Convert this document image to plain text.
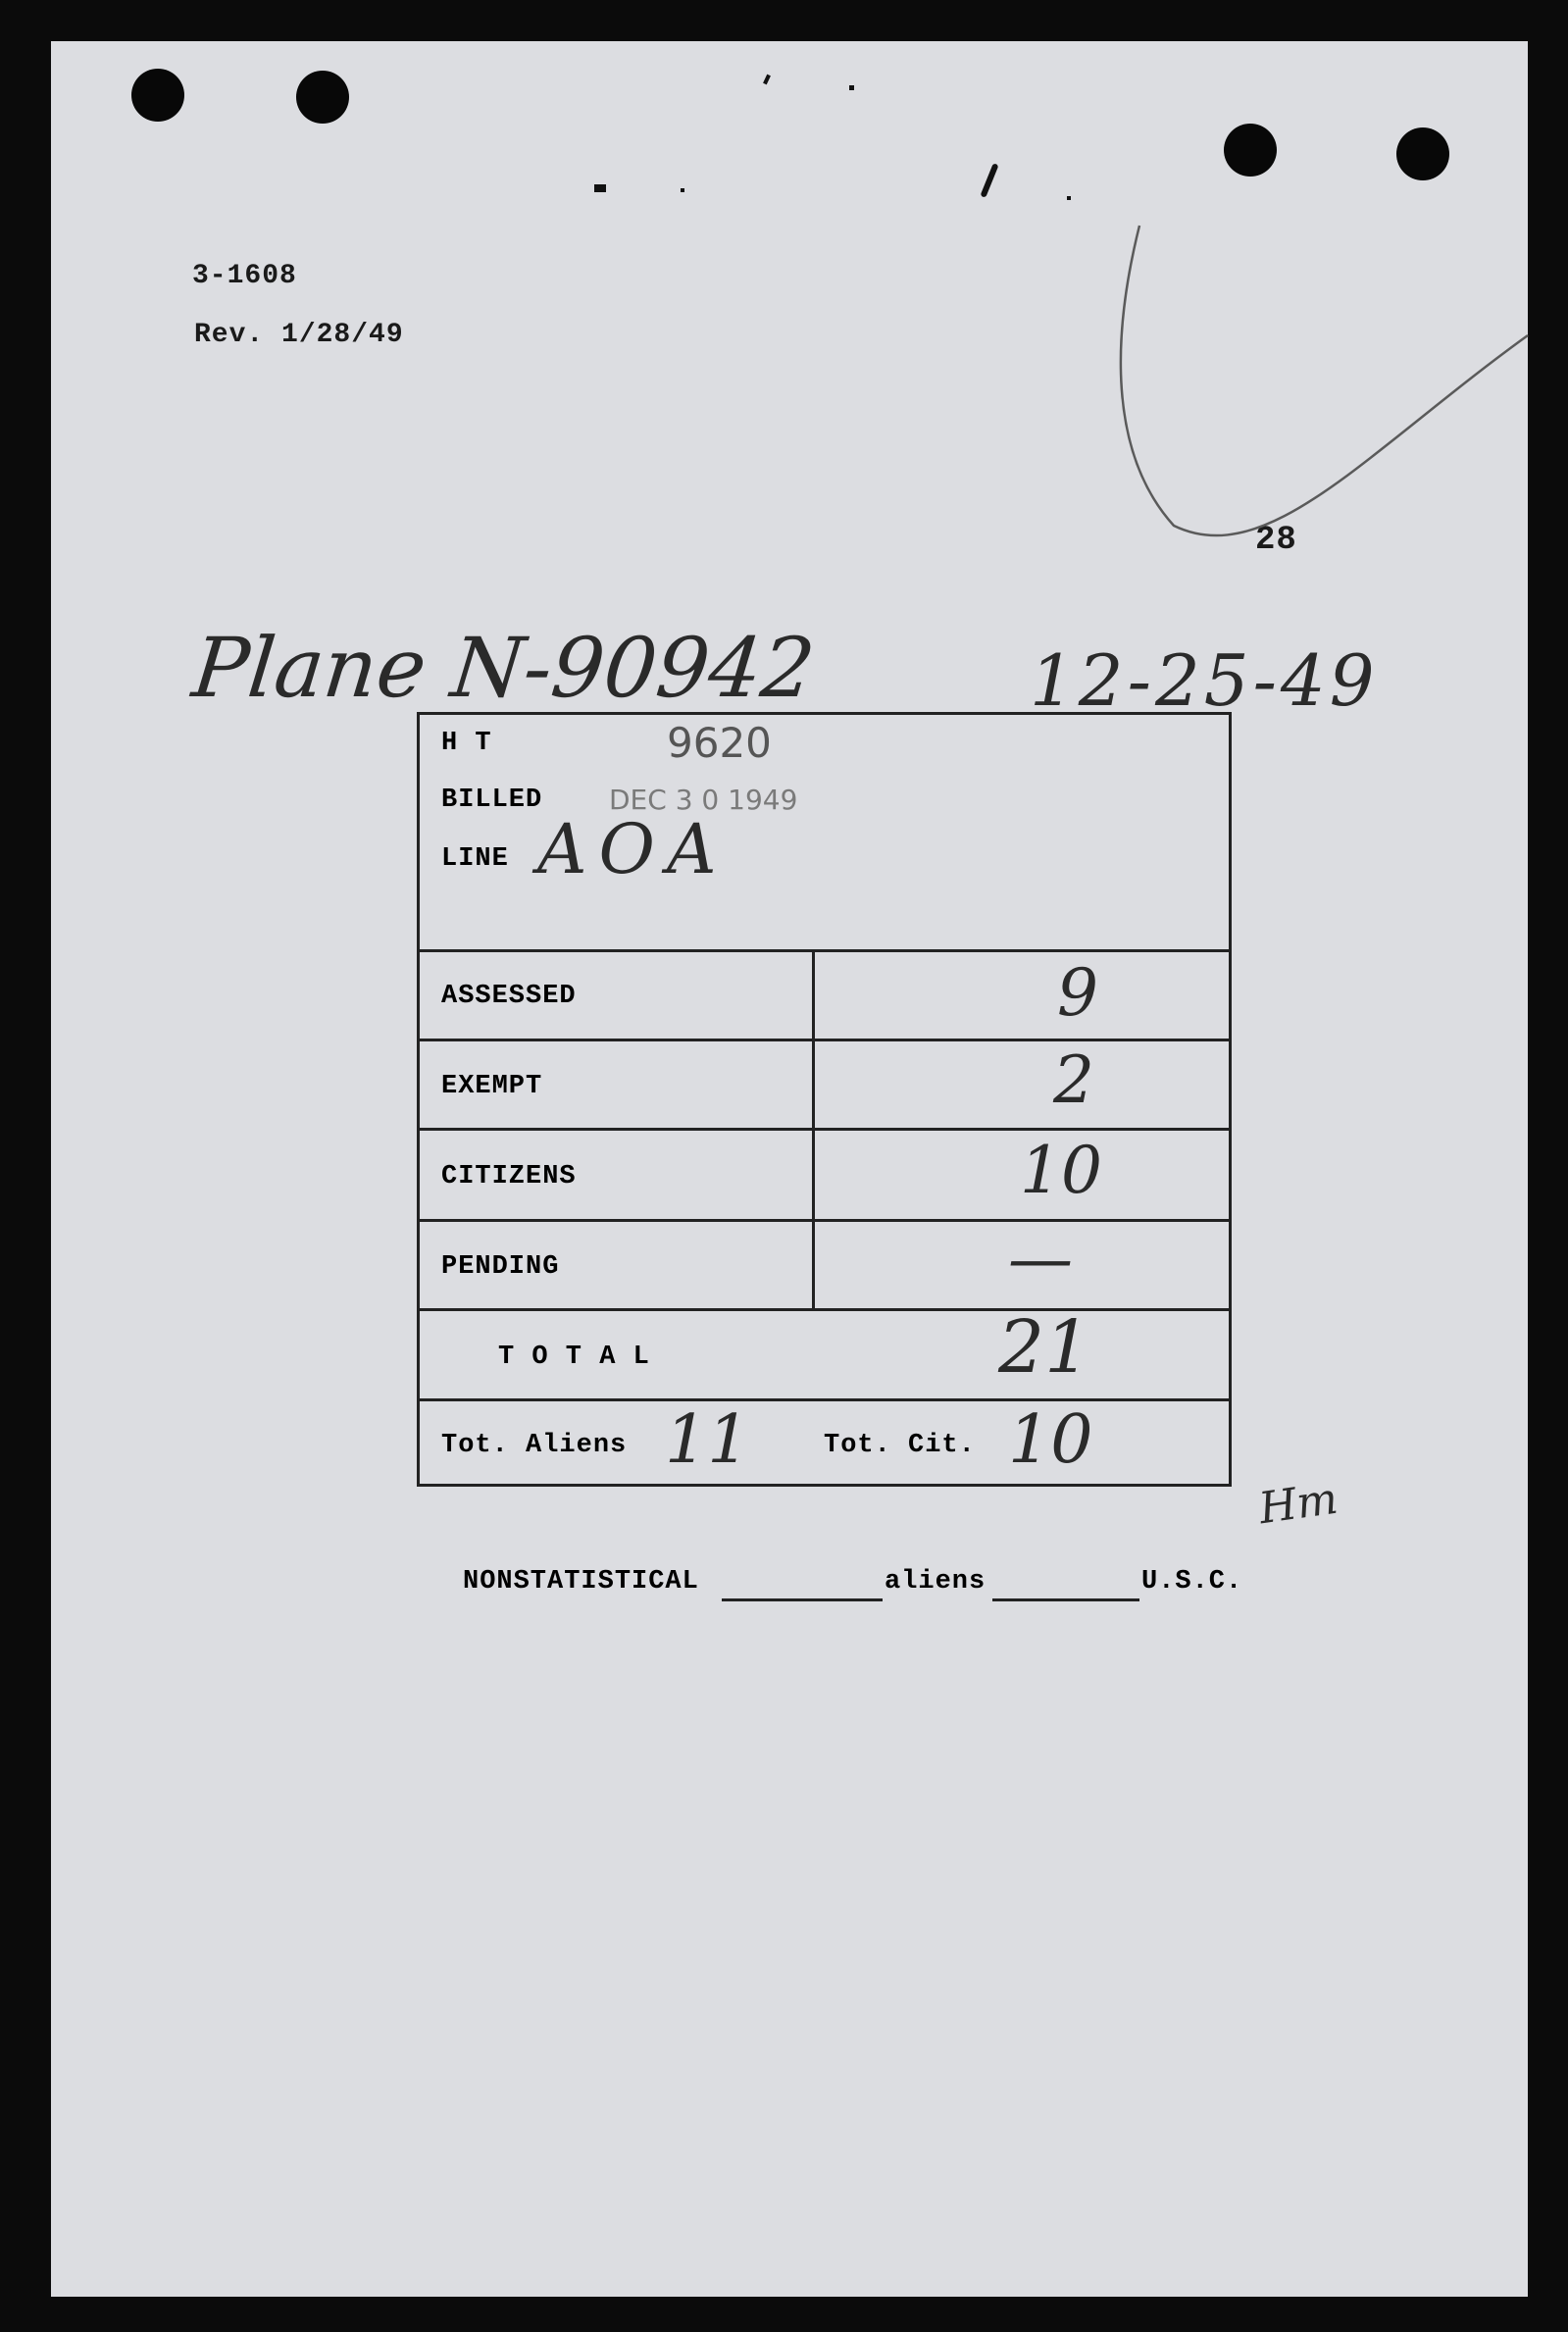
3-1608
Rev. 1/28/49
28
Plane N-90942	12-25-49
H T	9620
BILLED DEC 3 0 1949
LINE AOA
ASSESSED	9
EXEMPT	2
CITIZENS	10
PENDING	—
T O T A L	21
Tot. Aliens 11	Tot. Cit. 10
Hm
NONSTATISTICAL	aliens	U.S.C.
